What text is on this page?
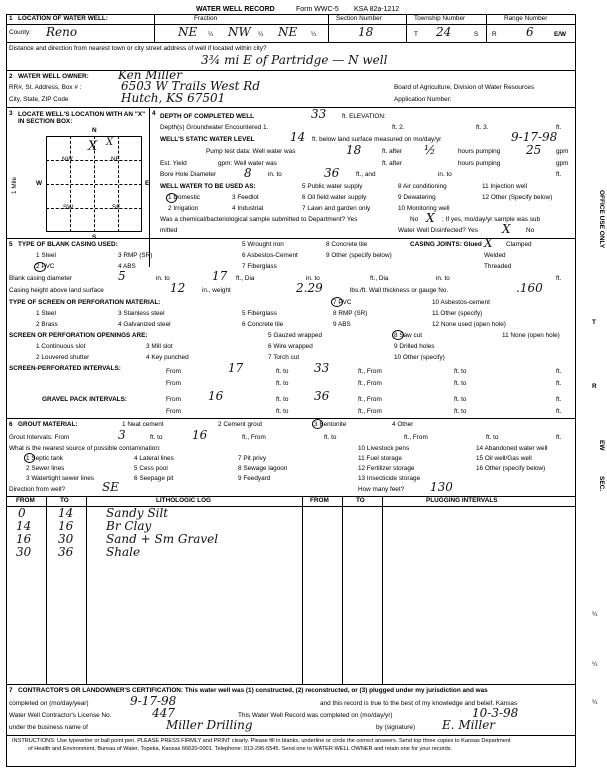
WATER WELL RECORD	Form WWC-5 KSA 82a-1212
1 LOCATION OF WATER WELL:	Fraction	Section Number	Township Number	Range Number
County: Reno	NE ¼ NW ¼ NE ¼	18	T 24	S R 6	E/W
Distance and direction from nearest town or city street address of well if located within city?
3¾ mi E of Partridge — N well
2 WATER WELL OWNER: Ken Miller
RR#, St. Address, Box # :	6503 W Trails West Rd	Board of Agriculture, Division of Water Resources
City, State, ZIP Code	Hutch, KS 67501	Application Number:
3 LOCATE WELL'S LOCATION WITH AN "X" IN SECTION BOX:
N
NW	NE
SW	SE
W	E
S
1 Mile
X X
4 DEPTH OF COMPLETED WELL	33 ft. ELEVATION:
Depth(s) Groundwater Encountered 1.	ft. 2.	ft. 3.	ft.
WELL'S STATIC WATER LEVEL	14 ft. below land surface measured on mo/day/yr	9-17-98
Pump test data: Well water was	18	ft. after ½	hours pumping 25 gpm
Est. Yield	gpm: Well water was	ft. after	hours pumping	gpm
Bore Hole Diameter 8	in. to	36	ft., and	in. to	ft.
WELL WATER TO BE USED AS:	5 Public water supply	8 Air conditioning	11 Injection well
1 Domestic	3 Feedlot	6 Oil field water supply	9 Dewatering	12 Other (Specify below)
2 Irrigation	4 Industrial	7 Lawn and garden only	10 Monitoring well
Was a chemical/bacteriological sample submitted to Department? Yes	No X ; If yes, mo/day/yr sample was sub
mitted	Water Well Disinfected? Yes X No
5 TYPE OF BLANK CASING USED:	5 Wrought iron	8 Concrete tile	CASING JOINTS: Glued X Clamped
1 Steel	3 RMP (SR)	6 Asbestos-Cement	9 Other (specify below)	Welded
2 PVC	4 ABS	7 Fiberglass	Threaded
Blank casing diameter	5	in. to	17 ft., Dia	in. to	ft., Dia	in. to	ft.
Casing height above land surface	12	in., weight	2.29	lbs./ft. Wall thickness or gauge No.	.160
TYPE OF SCREEN OR PERFORATION MATERIAL:	7 PVC	10 Asbestos-cement
1 Steel	3 Stainless steel	5 Fiberglass	8 RMP (SR)	11 Other (specify)
2 Brass	4 Galvanized steel	6 Concrete tile	9 ABS	12 None used (open hole)
SCREEN OR PERFORATION OPENINGS ARE:	5 Gauzed wrapped	8 Saw cut	11 None (open hole)
1 Continuous slot	3 Mill slot	6 Wire wrapped	9 Drilled holes
2 Louvered shutter	4 Key punched	7 Torch cut	10 Other (specify)
SCREEN-PERFORATED INTERVALS:	From	17	ft. to 33	ft., From	ft. to	ft.
From	ft. to	ft., From	ft. to	ft.
GRAVEL PACK INTERVALS:	From 16	ft. to 36	ft., From	ft. to	ft.
From	ft. to	ft., From	ft. to	ft.
6 GROUT MATERIAL:	1 Neat cement	2 Cement grout	3 Bentonite	4 Other
Grout Intervals: From	3	ft. to 16	ft., From	ft. to	ft., From	ft. to	ft.
What is the nearest source of possible contamination:	10 Livestock pens	14 Abandoned water well
1 Septic tank	4 Lateral lines	7 Pit privy	11 Fuel storage	15 Oil well/Gas well
2 Sewer lines	5 Cess pool	8 Sewage lagoon	12 Fertilizer storage	16 Other (specify below)
3 Watertight sewer lines	6 Seepage pit	9 Feedyard	13 Insecticide storage
Direction from well?	SE	How many feet? 130
FROM	TO	LITHOLOGIC LOG	FROM	TO	PLUGGING INTERVALS
0	14	Sandy Silt
14 16	Br Clay
16 30	Sand + Sm Gravel
30 36	Shale
7 CONTRACTOR'S OR LANDOWNER'S CERTIFICATION: This water well was (1) constructed, (2) reconstructed, or (3) plugged under my jurisdiction and was
completed on (mo/day/year)	9-17-98	and this record is true to the best of my knowledge and belief. Kansas
Water Well Contractor's License No.	447	This Water Well Record was completed on (mo/day/yr)	10-3-98
under the business name of	Miller Drilling	by (signature) E. Miller
INSTRUCTIONS: Use typewriter or ball point pen. PLEASE PRESS FIRMLY and PRINT clearly. Please fill in blanks, underline or circle the correct answers. Send top three copies to Kansas Department
of Health and Environment, Bureau of Water, Topeka, Kansas 66620-0001. Telephone: 913-296-5545. Send one to WATER WELL OWNER and retain one for your records.
OFFICE USE ONLY
T
R
EW
SEC.
¼
¼
¼
